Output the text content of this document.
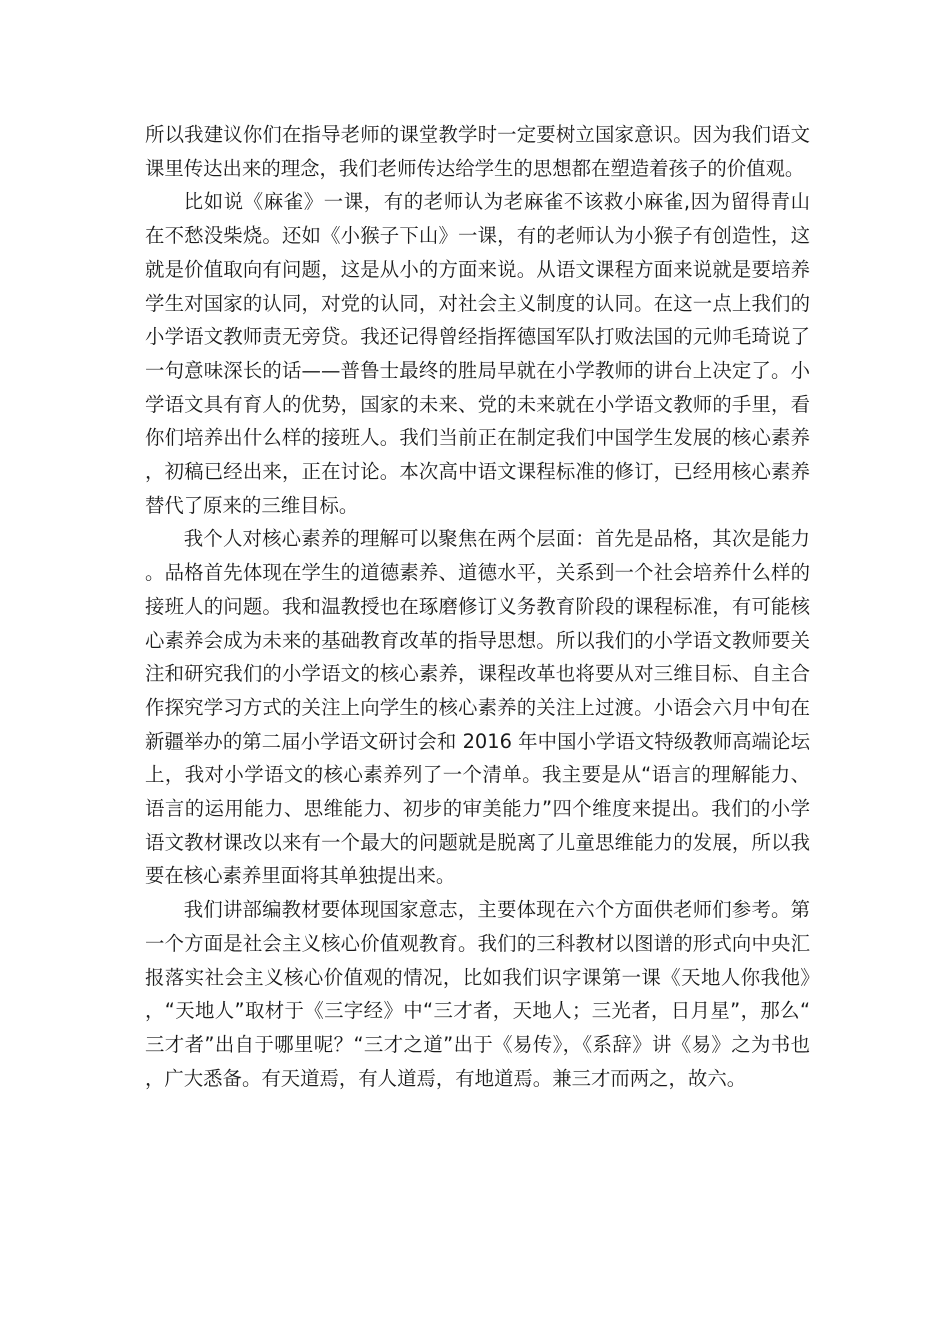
所以我建议你们在指导老师的课堂教学时一定要树立国家意识。因为我们语文课里传达出来的理念，我们老师传达给学生的思想都在塑造着孩子的价值观。

比如说《麻雀》一课，有的老师认为老麻雀不该救小麻雀,因为留得青山在不愁没柴烧。还如《小猴子下山》一课，有的老师认为小猴子有创造性，这就是价值取向有问题，这是从小的方面来说。从语文课程方面来说就是要培养学生对国家的认同，对党的认同，对社会主义制度的认同。在这一点上我们的小学语文教师责无旁贷。我还记得曾经指挥德国军队打败法国的元帅毛琦说了一句意味深长的话——普鲁士最终的胜局早就在小学教师的讲台上决定了。小学语文具有育人的优势，国家的未来、党的未来就在小学语文教师的手里，看你们培养出什么样的接班人。我们当前正在制定我们中国学生发展的核心素养，初稿已经出来，正在讨论。本次高中语文课程标准的修订，已经用核心素养替代了原来的三维目标。

我个人对核心素养的理解可以聚焦在两个层面：首先是品格，其次是能力。品格首先体现在学生的道德素养、道德水平，关系到一个社会培养什么样的接班人的问题。我和温教授也在琢磨修订义务教育阶段的课程标准，有可能核心素养会成为未来的基础教育改革的指导思想。所以我们的小学语文教师要关注和研究我们的小学语文的核心素养，课程改革也将要从对三维目标、自主合作探究学习方式的关注上向学生的核心素养的关注上过渡。小语会六月中旬在新疆举办的第二届小学语文研讨会和 2016 年中国小学语文特级教师高端论坛上，我对小学语文的核心素养列了一个清单。我主要是从“语言的理解能力、语言的运用能力、思维能力、初步的审美能力”四个维度来提出。我们的小学语文教材课改以来有一个最大的问题就是脱离了儿童思维能力的发展，所以我要在核心素养里面将其单独提出来。

我们讲部编教材要体现国家意志，主要体现在六个方面供老师们参考。第一个方面是社会主义核心价值观教育。我们的三科教材以图谱的形式向中央汇报落实社会主义核心价值观的情况，比如我们识字课第一课《天地人你我他》，“天地人”取材于《三字经》中“三才者，天地人；三光者，日月星”，那么“三才者”出自于哪里呢？“三才之道”出于《易传》，《系辞》讲《易》之为书也，广大悉备。有天道焉，有人道焉，有地道焉。兼三才而两之，故六。
